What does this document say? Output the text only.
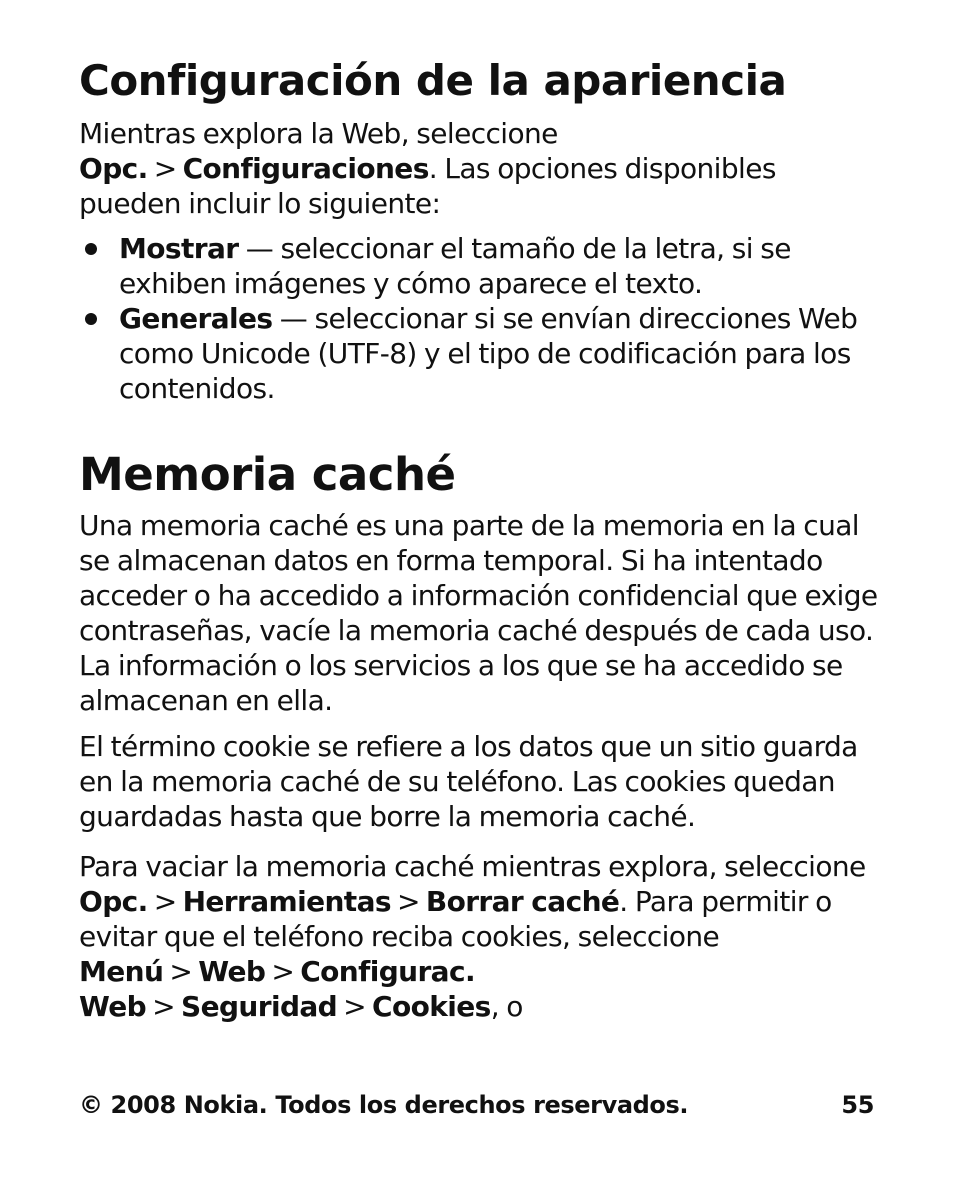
Configuración de la apariencia

Mientras explora la Web, seleccione Opc. > Configuraciones. Las opciones disponibles pueden incluir lo siguiente:

Mostrar — seleccionar el tamaño de la letra, si se exhiben imágenes y cómo aparece el texto.
Generales — seleccionar si se envían direcciones Web como Unicode (UTF-8) y el tipo de codificación para los contenidos.
Memoria caché

Una memoria caché es una parte de la memoria en la cual se almacenan datos en forma temporal. Si ha intentado acceder o ha accedido a información confidencial que exige contraseñas, vacíe la memoria caché después de cada uso. La información o los servicios a los que se ha accedido se almacenan en ella.

El término cookie se refiere a los datos que un sitio guarda en la memoria caché de su teléfono. Las cookies quedan guardadas hasta que borre la memoria caché.

Para vaciar la memoria caché mientras explora, seleccione Opc. > Herramientas > Borrar caché. Para permitir o evitar que el teléfono reciba cookies, seleccione Menú > Web > Configurac. Web > Seguridad > Cookies, o

© 2008 Nokia. Todos los derechos reservados.	55
